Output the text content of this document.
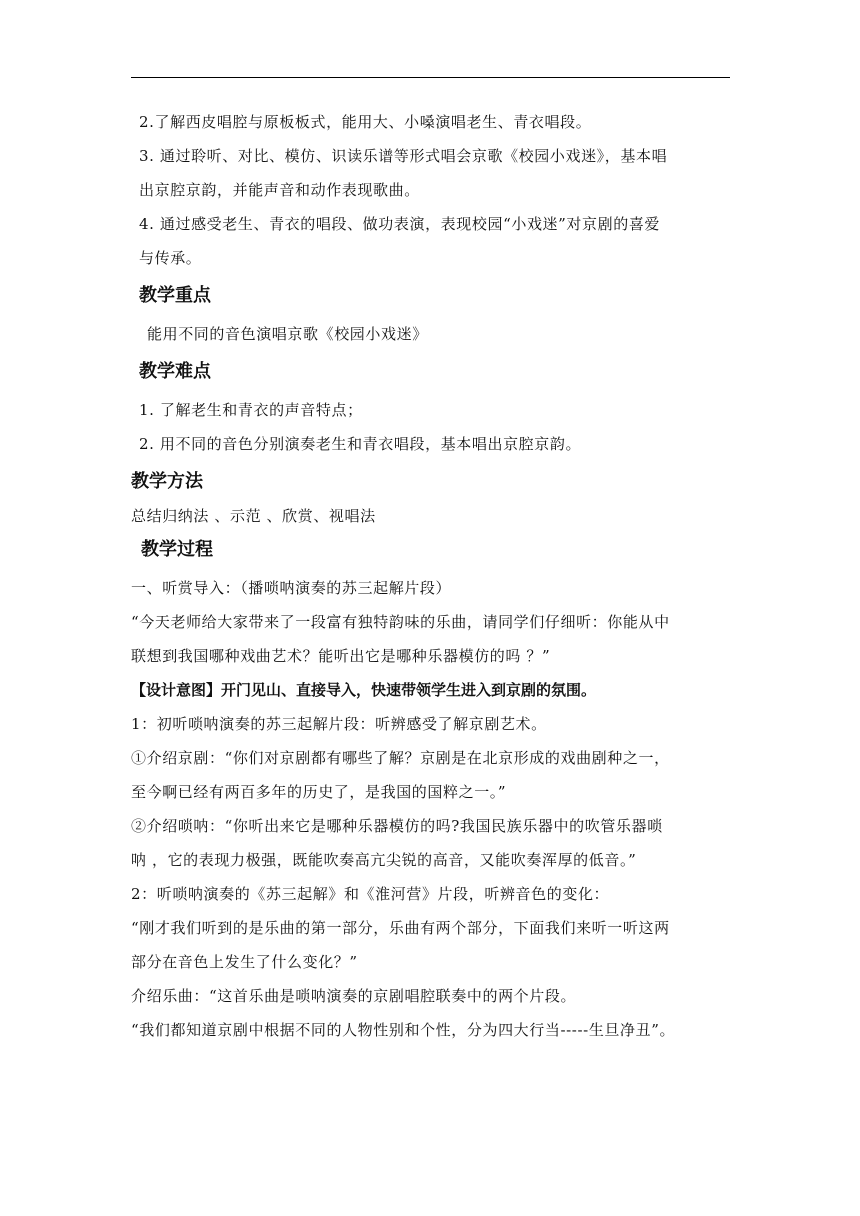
2.了解西皮唱腔与原板板式，能用大、小嗓演唱老生、青衣唱段。
3. 通过聆听、对比、模仿、识读乐谱等形式唱会京歌《校园小戏迷》，基本唱
出京腔京韵，并能声音和动作表现歌曲。
4. 通过感受老生、青衣的唱段、做功表演，表现校园“小戏迷”对京剧的喜爱
与传承。
教学重点
能用不同的音色演唱京歌《校园小戏迷》
教学难点
1. 了解老生和青衣的声音特点；
2. 用不同的音色分别演奏老生和青衣唱段，基本唱出京腔京韵。
教学方法
总结归纳法 、示范 、欣赏、视唱法
教学过程
一、听赏导入：（播唢呐演奏的苏三起解片段）
“今天老师给大家带来了一段富有独特韵味的乐曲，请同学们仔细听：你能从中
联想到我国哪种戏曲艺术？能听出它是哪种乐器模仿的吗 ？”
【设计意图】开门见山、直接导入，快速带领学生进入到京剧的氛围。
1：初听唢呐演奏的苏三起解片段：听辨感受了解京剧艺术。
①介绍京剧：“你们对京剧都有哪些了解？京剧是在北京形成的戏曲剧种之一，
至今啊已经有两百多年的历史了，是我国的国粹之一。”
②介绍唢呐：“你听出来它是哪种乐器模仿的吗?我国民族乐器中的吹管乐器唢
呐 ，它的表现力极强，既能吹奏高亢尖锐的高音，又能吹奏浑厚的低音。”
2：听唢呐演奏的《苏三起解》和《淮河营》片段，听辨音色的变化：
“刚才我们听到的是乐曲的第一部分，乐曲有两个部分，下面我们来听一听这两
部分在音色上发生了什么变化？”
介绍乐曲：“这首乐曲是唢呐演奏的京剧唱腔联奏中的两个片段。
“我们都知道京剧中根据不同的人物性别和个性，分为四大行当-----生旦净丑”。
